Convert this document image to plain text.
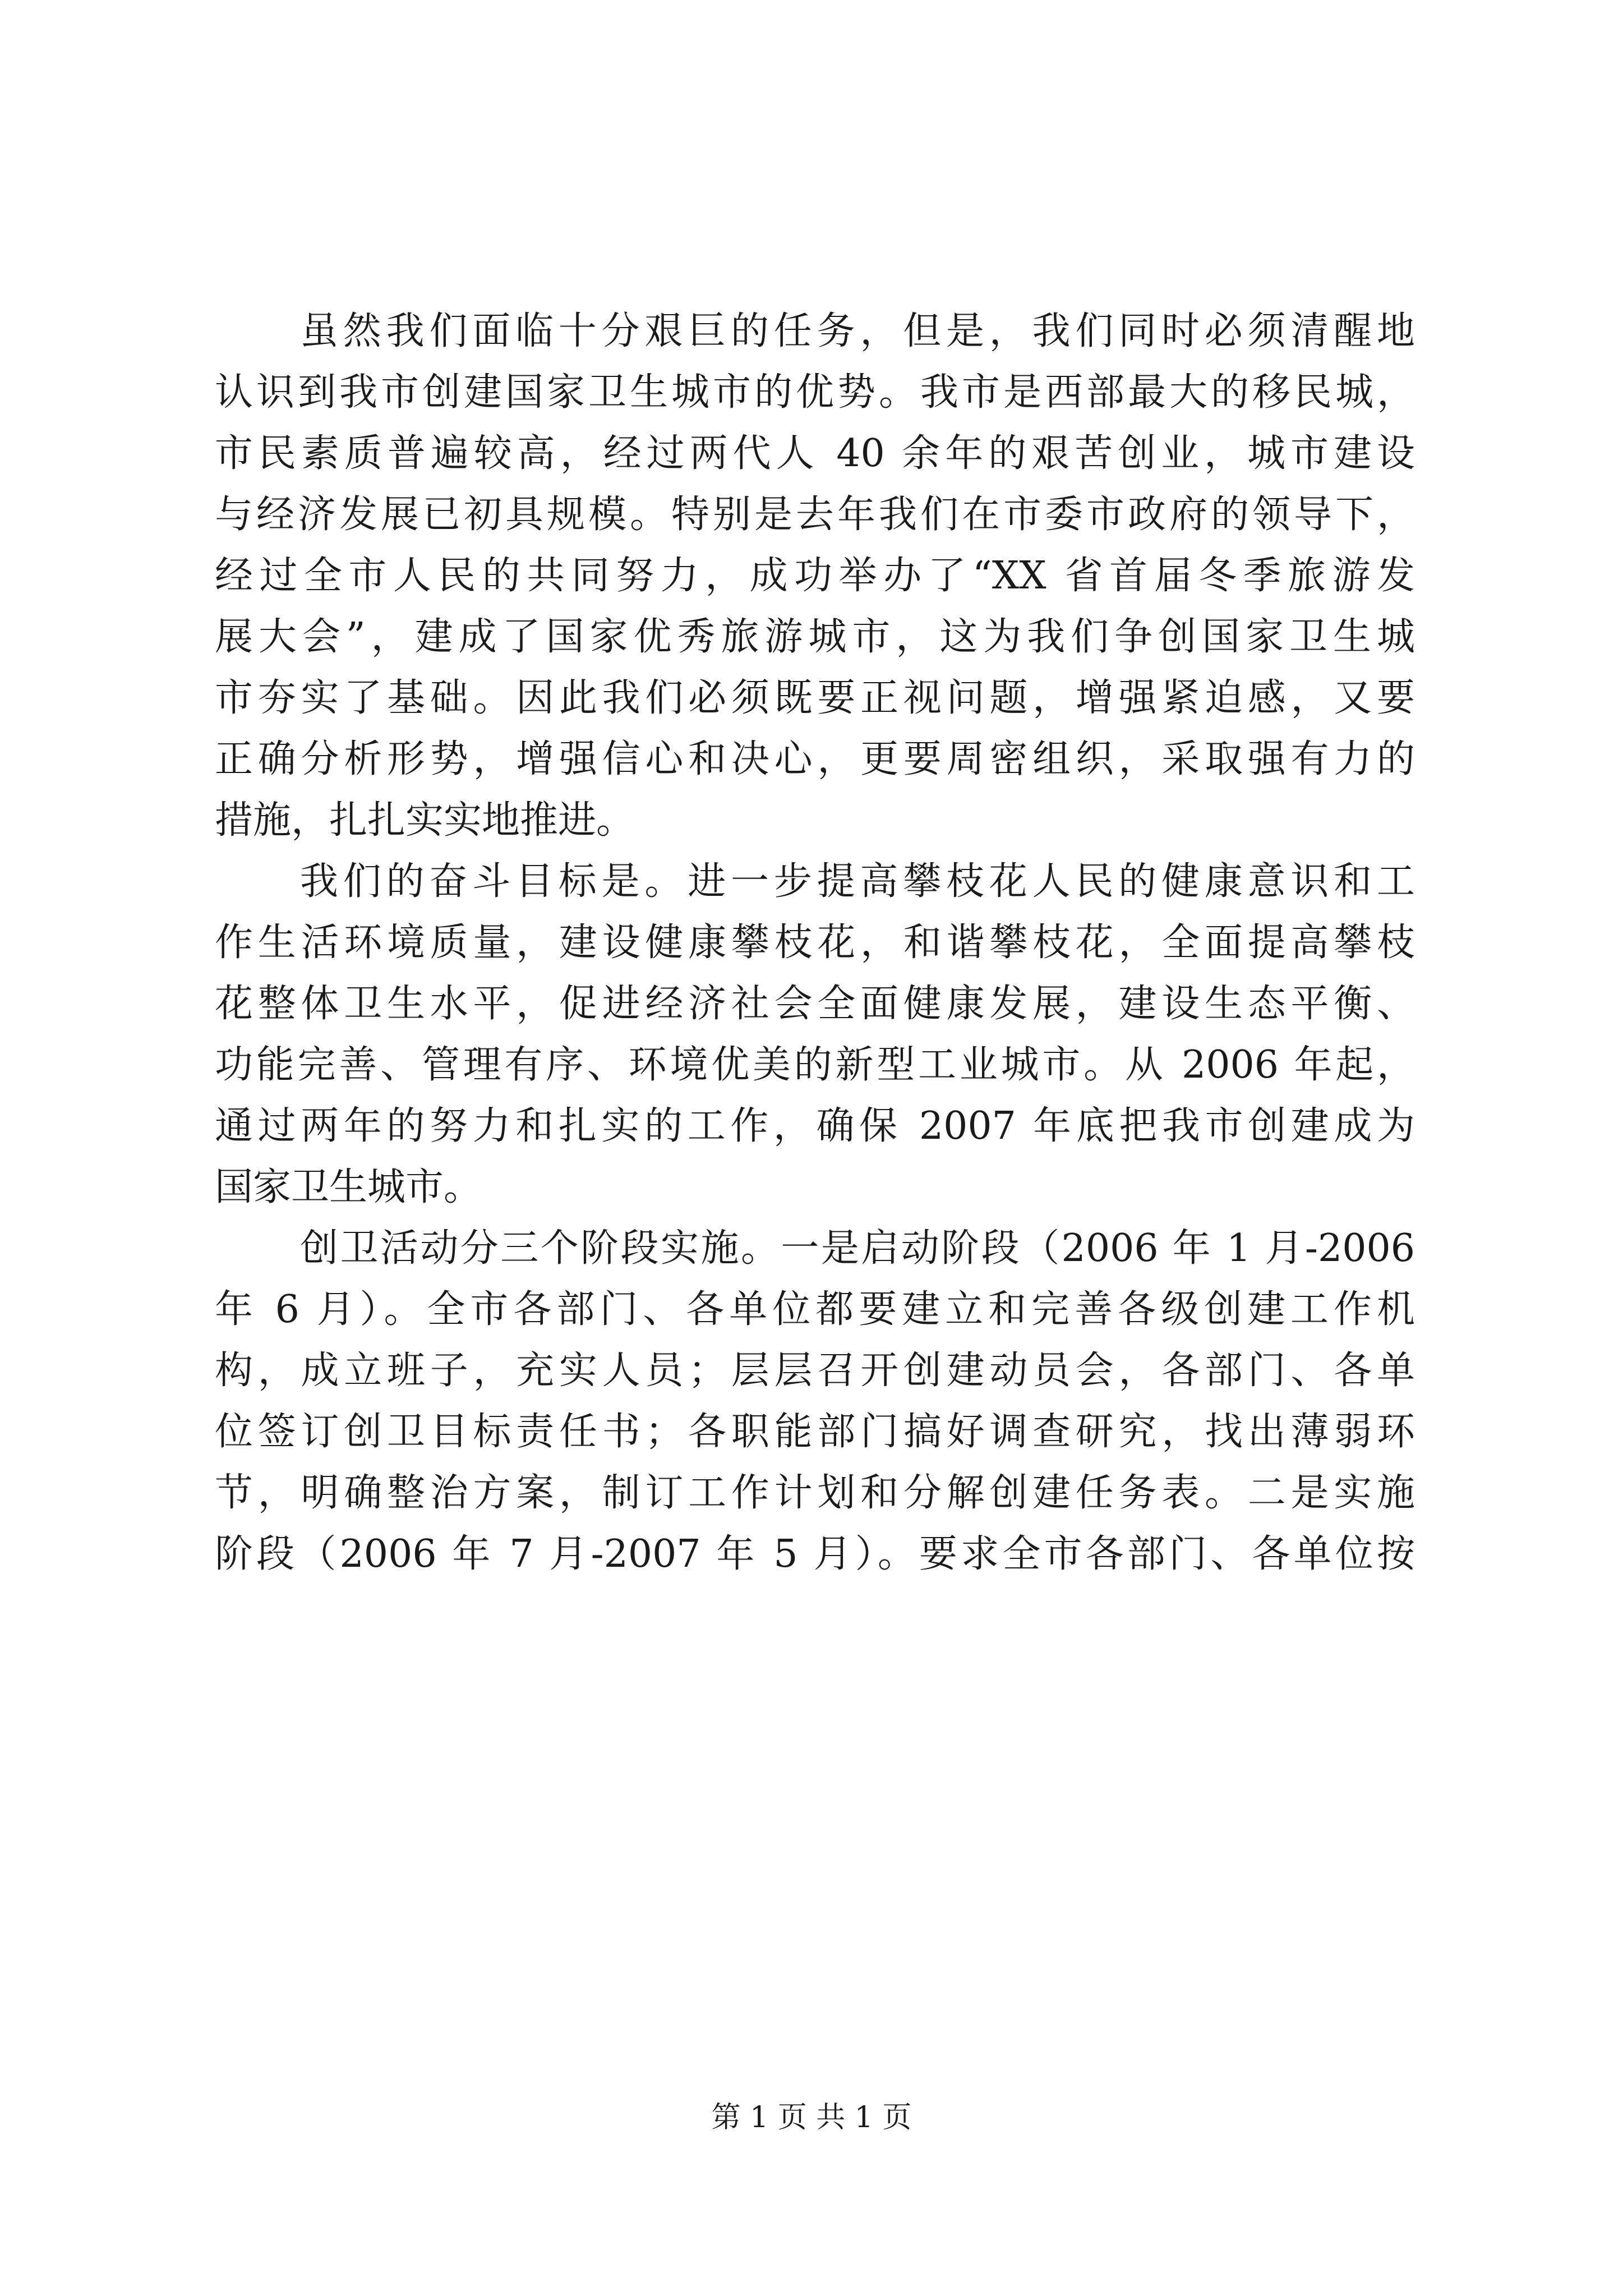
虽然我们面临十分艰巨的任务，但是，我们同时必须清醒地
认识到我市创建国家卫生城市的优势。我市是西部最大的移民城，
市民素质普遍较高，经过两代人 40 余年的艰苦创业，城市建设
与经济发展已初具规模。特别是去年我们在市委市政府的领导下，
经过全市人民的共同努力，成功举办了“XX 省首届冬季旅游发
展大会”，建成了国家优秀旅游城市，这为我们争创国家卫生城
市夯实了基础。因此我们必须既要正视问题，增强紧迫感，又要
正确分析形势，增强信心和决心，更要周密组织，采取强有力的
措施，扎扎实实地推进。
我们的奋斗目标是。进一步提高攀枝花人民的健康意识和工
作生活环境质量，建设健康攀枝花，和谐攀枝花，全面提高攀枝
花整体卫生水平，促进经济社会全面健康发展，建设生态平衡、
功能完善、管理有序、环境优美的新型工业城市。从 2006 年起，
通过两年的努力和扎实的工作，确保 2007 年底把我市创建成为
国家卫生城市。
创卫活动分三个阶段实施。一是启动阶段（2006 年 1 月-2006
年 6 月）。全市各部门、各单位都要建立和完善各级创建工作机
构，成立班子，充实人员；层层召开创建动员会，各部门、各单
位签订创卫目标责任书；各职能部门搞好调查研究，找出薄弱环
节，明确整治方案，制订工作计划和分解创建任务表。二是实施
阶段（2006 年 7 月-2007 年 5 月）。要求全市各部门、各单位按
第 1 页 共 1 页
